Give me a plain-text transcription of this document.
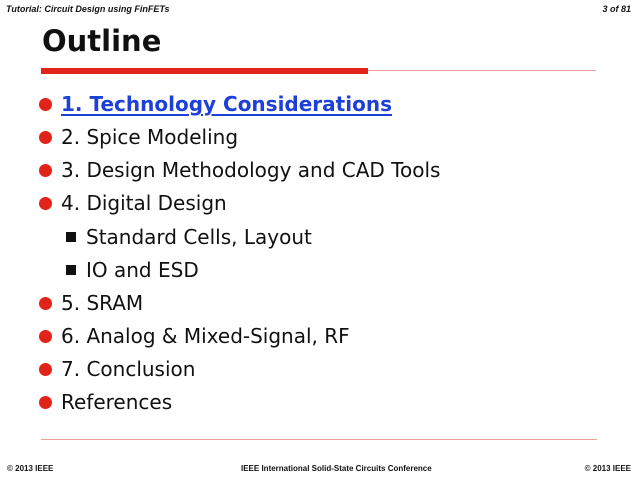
Tutorial: Circuit Design using FinFETs	3 of 81
Outline
1. Technology Considerations
2. Spice Modeling
3. Design Methodology and CAD Tools
4. Digital Design
Standard Cells, Layout
IO and ESD
5. SRAM
6. Analog & Mixed-Signal, RF
7. Conclusion
References
© 2013 IEEE	IEEE International Solid-State Circuits Conference	© 2013 IEEE
